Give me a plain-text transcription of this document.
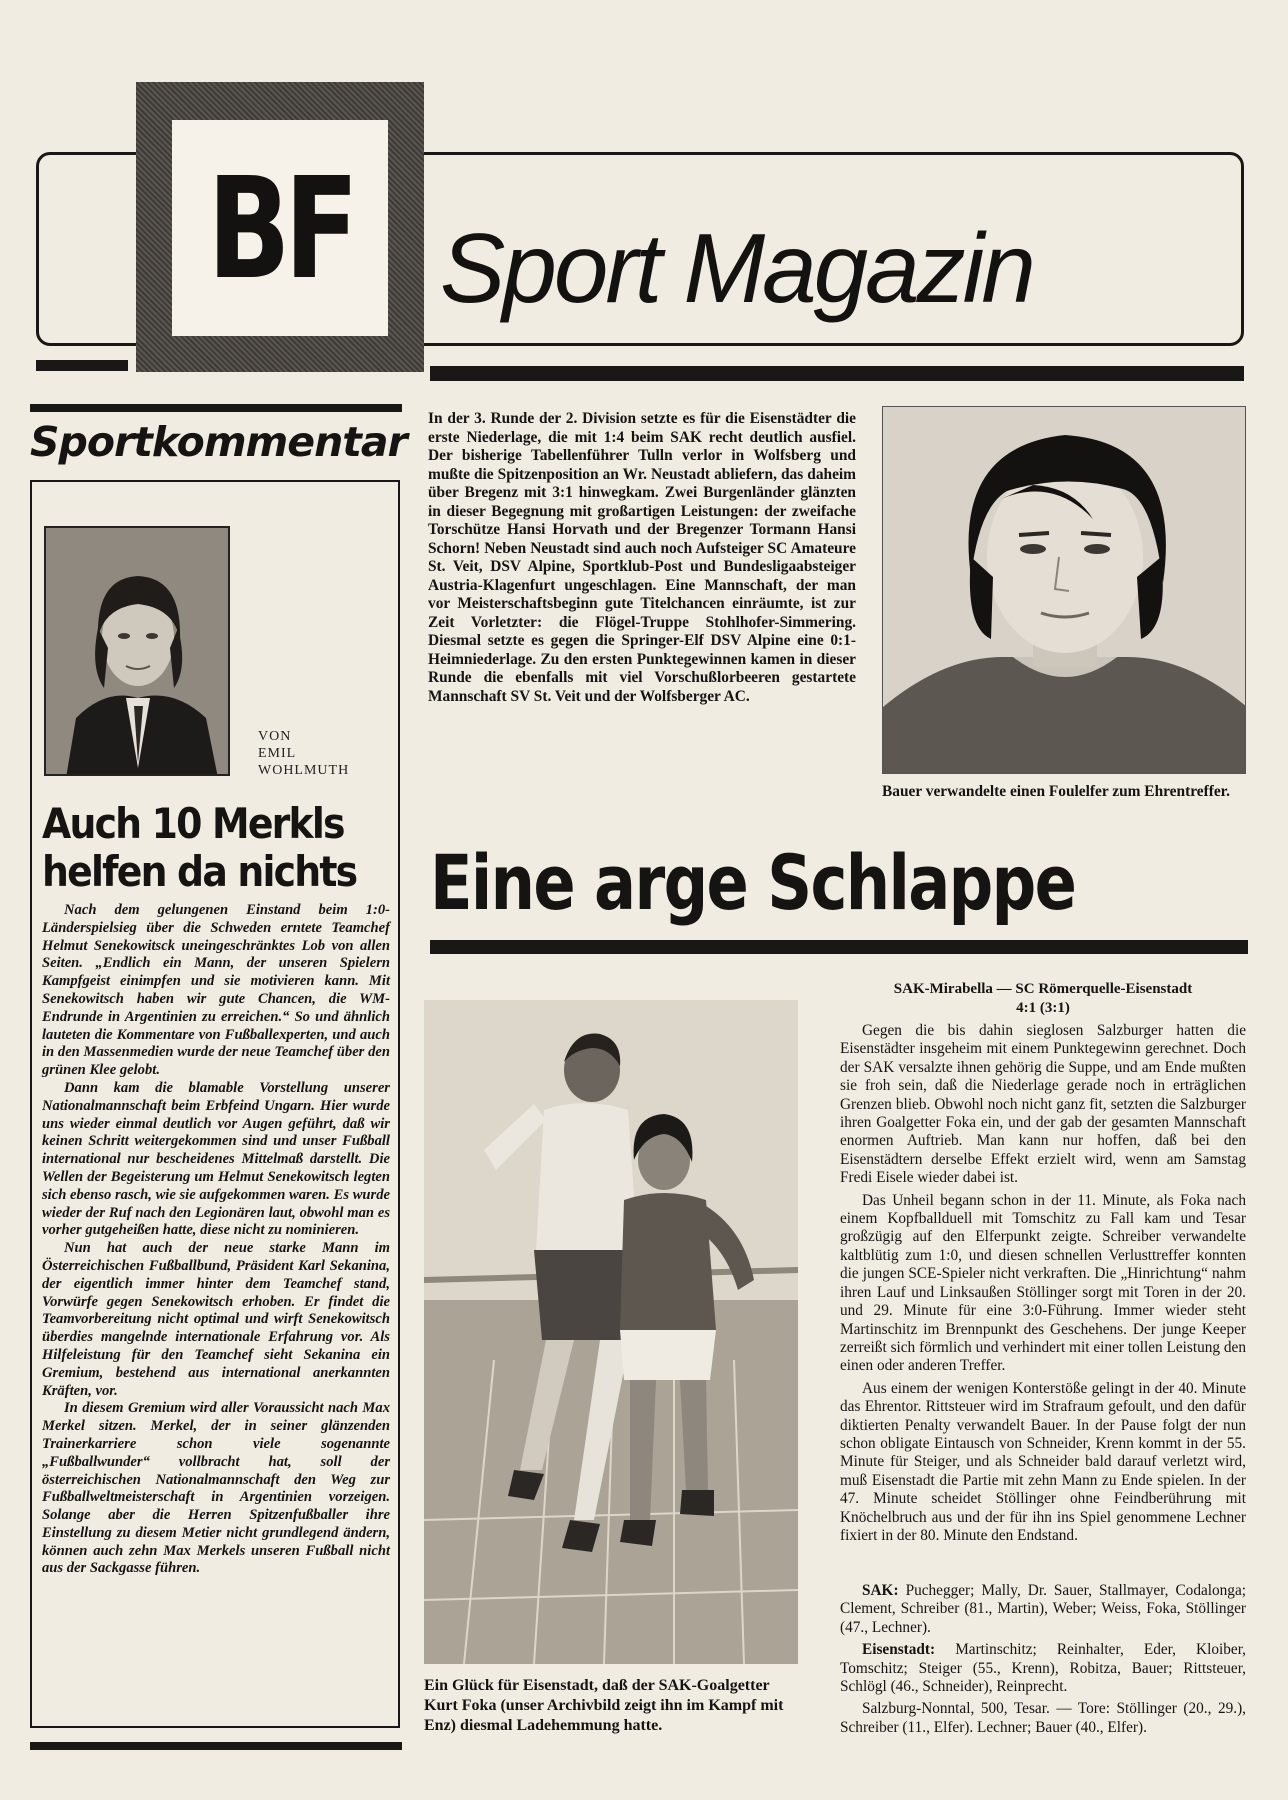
BF Sport Magazin
Sportkommentar
VON
EMIL
WOHLMUTH
Auch 10 Merkls helfen da nichts

Nach dem gelungenen Einstand beim 1:0-Länderspielsieg über die Schweden erntete Teamchef Helmut Senekowitsck uneingeschränktes Lob von allen Seiten. „Endlich ein Mann, der unseren Spielern Kampfgeist einimpfen und sie motivieren kann. Mit Senekowitsch haben wir gute Chancen, die WM-Endrunde in Argentinien zu erreichen.“ So und ähnlich lauteten die Kommentare von Fußballexperten, und auch in den Massenmedien wurde der neue Teamchef über den grünen Klee gelobt.

Dann kam die blamable Vorstellung unserer Nationalmannschaft beim Erbfeind Ungarn. Hier wurde uns wieder einmal deutlich vor Augen geführt, daß wir keinen Schritt weitergekommen sind und unser Fußball international nur bescheidenes Mittelmaß darstellt. Die Wellen der Begeisterung um Helmut Senekowitsch legten sich ebenso rasch, wie sie aufgekommen waren. Es wurde wieder der Ruf nach den Legionären laut, obwohl man es vorher gutgeheißen hatte, diese nicht zu nominieren.

Nun hat auch der neue starke Mann im Österreichischen Fußballbund, Präsident Karl Sekanina, der eigentlich immer hinter dem Teamchef stand, Vorwürfe gegen Senekowitsch erhoben. Er findet die Teamvorbereitung nicht optimal und wirft Senekowitsch überdies mangelnde internationale Erfahrung vor. Als Hilfeleistung für den Teamchef sieht Sekanina ein Gremium, bestehend aus international anerkannten Kräften, vor.

In diesem Gremium wird aller Voraussicht nach Max Merkel sitzen. Merkel, der in seiner glänzenden Trainerkarriere schon viele sogenannte „Fußballwunder“ vollbracht hat, soll der österreichischen Nationalmannschaft den Weg zur Fußballweltmeisterschaft in Argentinien vorzeigen. Solange aber die Herren Spitzenfußballer ihre Einstellung zu diesem Metier nicht grundlegend ändern, können auch zehn Max Merkels unseren Fußball nicht aus der Sackgasse führen.

In der 3. Runde der 2. Division setzte es für die Eisenstädter die erste Niederlage, die mit 1:4 beim SAK recht deutlich ausfiel. Der bisherige Tabellenführer Tulln verlor in Wolfsberg und mußte die Spitzenposition an Wr. Neustadt abliefern, das daheim über Bregenz mit 3:1 hinwegkam. Zwei Burgenländer glänzten in dieser Begegnung mit großartigen Leistungen: der zweifache Torschütze Hansi Horvath und der Bregenzer Tormann Hansi Schorn! Neben Neustadt sind auch noch Aufsteiger SC Amateure St. Veit, DSV Alpine, Sportklub-Post und Bundesligaabsteiger Austria-Klagenfurt ungeschlagen. Eine Mannschaft, der man vor Meisterschaftsbeginn gute Titelchancen einräumte, ist zur Zeit Vorletzter: die Flögel-Truppe Stohlhofer-Simmering. Diesmal setzte es gegen die Springer-Elf DSV Alpine eine 0:1-Heimniederlage. Zu den ersten Punktegewinnen kamen in dieser Runde die ebenfalls mit viel Vorschußlorbeeren gestartete Mannschaft SV St. Veit und der Wolfsberger AC.
Bauer verwandelte einen Foulelfer zum Ehrentreffer.
Eine arge Schlappe
Ein Glück für Eisenstadt, daß der SAK-Goalgetter Kurt Foka (unser Archivbild zeigt ihn im Kampf mit Enz) diesmal Ladehemmung hatte.
SAK-Mirabella — SC Römerquelle-Eisenstadt
4:1 (3:1)

Gegen die bis dahin sieglosen Salzburger hatten die Eisenstädter insgeheim mit einem Punktegewinn gerechnet. Doch der SAK versalzte ihnen gehörig die Suppe, und am Ende mußten sie froh sein, daß die Niederlage gerade noch in erträglichen Grenzen blieb. Obwohl noch nicht ganz fit, setzten die Salzburger ihren Goalgetter Foka ein, und der gab der gesamten Mannschaft enormen Auftrieb. Man kann nur hoffen, daß bei den Eisenstädtern derselbe Effekt erzielt wird, wenn am Samstag Fredi Eisele wieder dabei ist.

Das Unheil begann schon in der 11. Minute, als Foka nach einem Kopfballduell mit Tomschitz zu Fall kam und Tesar großzügig auf den Elferpunkt zeigte. Schreiber verwandelte kaltblütig zum 1:0, und diesen schnellen Verlusttreffer konnten die jungen SCE-Spieler nicht verkraften. Die „Hinrichtung“ nahm ihren Lauf und Linksaußen Stöllinger sorgt mit Toren in der 20. und 29. Minute für eine 3:0-Führung. Immer wieder steht Martinschitz im Brennpunkt des Geschehens. Der junge Keeper zerreißt sich förmlich und verhindert mit einer tollen Leistung den einen oder anderen Treffer.

Aus einem der wenigen Konterstöße gelingt in der 40. Minute das Ehrentor. Rittsteuer wird im Strafraum gefoult, und den dafür diktierten Penalty verwandelt Bauer. In der Pause folgt der nun schon obligate Eintausch von Schneider, Krenn kommt in der 55. Minute für Steiger, und als Schneider bald darauf verletzt wird, muß Eisenstadt die Partie mit zehn Mann zu Ende spielen. In der 47. Minute scheidet Stöllinger ohne Feindberührung mit Knöchelbruch aus und der für ihn ins Spiel genommene Lechner fixiert in der 80. Minute den Endstand.

SAK: Puchegger; Mally, Dr. Sauer, Stallmayer, Codalonga; Clement, Schreiber (81., Martin), Weber; Weiss, Foka, Stöllinger (47., Lechner).

Eisenstadt: Martinschitz; Reinhalter, Eder, Kloiber, Tomschitz; Steiger (55., Krenn), Robitza, Bauer; Rittsteuer, Schlögl (46., Schneider), Reinprecht.

Salzburg-Nonntal, 500, Tesar. — Tore: Stöllinger (20., 29.), Schreiber (11., Elfer). Lechner; Bauer (40., Elfer).
